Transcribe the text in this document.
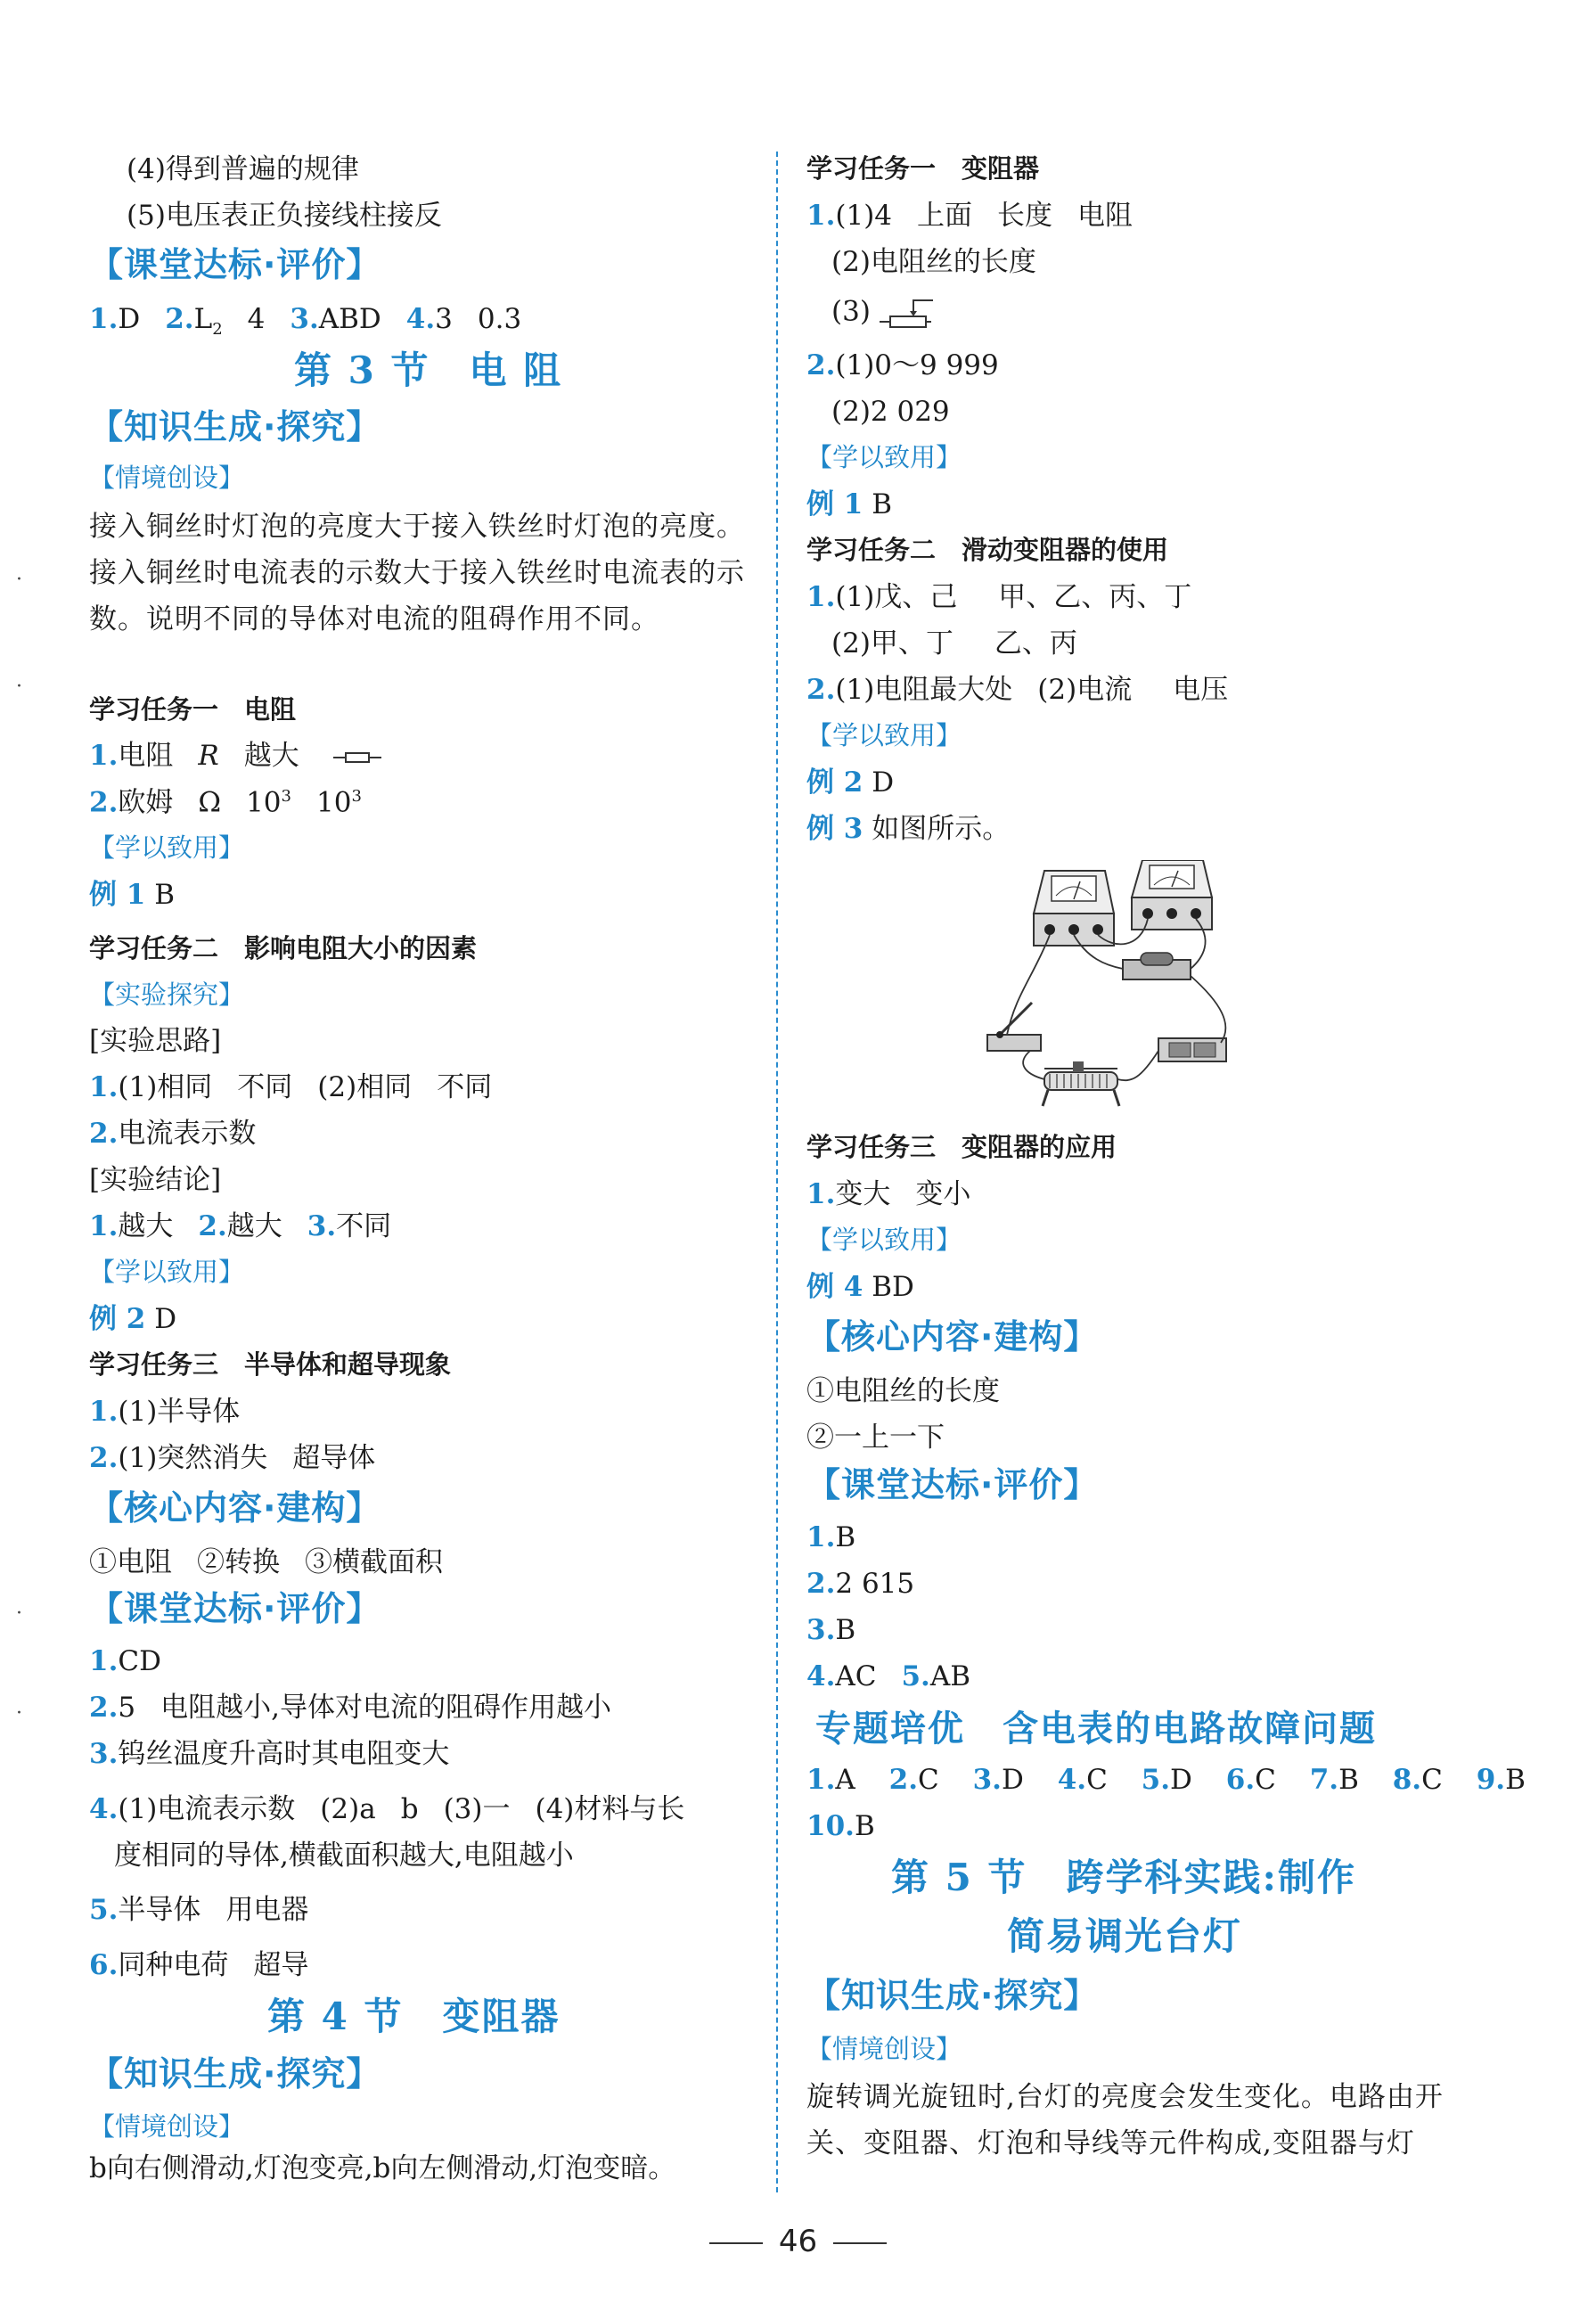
·
·
·
·
(4)得到普遍的规律
(5)电压表正负接线柱接反
【课堂达标·评价】
1.D $2.L_2$ 4 3.ABD 4.3 0.3
第 3 节　电 阻
【知识生成·探究】
【情境创设】
接入铜丝时灯泡的亮度大于接入铁丝时灯泡的亮度。接入铜丝时电流表的示数大于接入铁丝时电流表的示数。说明不同的导体对电流的阻碍作用不同。
学习任务一　电阻
1.电阻 R 越大
2.欧姆 Ω $10^3$ $10^3$
【学以致用】
例 1 B
学习任务二　影响电阻大小的因素
【实验探究】
[实验思路]
1.(1)相同 不同 (2)相同 不同
2.电流表示数
[实验结论]
1.越大 2.越大 3.不同
【学以致用】
例 2 D
学习任务三　半导体和超导现象
1.(1)半导体
2.(1)突然消失 超导体
【核心内容·建构】
①电阻 ②转换 ③横截面积
【课堂达标·评价】
1.CD
2.5 电阻越小,导体对电流的阻碍作用越小
3.钨丝温度升高时其电阻变大
4.(1)电流表示数 (2)a b (3)一 (4)材料与长
度相同的导体,横截面积越大,电阻越小
5.半导体 用电器
6.同种电荷 超导
第 4 节　变阻器
【知识生成·探究】
【情境创设】
b向右侧滑动,灯泡变亮,b向左侧滑动,灯泡变暗。
学习任务一　变阻器
1.(1)4 上面 长度 电阻
(2)电阻丝的长度
(3)
2.(1)0～9 999
(2)2 029
【学以致用】
例 1 B
学习任务二　滑动变阻器的使用
1.(1)戊、己 甲、乙、丙、丁
(2)甲、丁 乙、丙
2.(1)电阻最大处 (2)电流 电压
【学以致用】
例 2 D
例 3 如图所示。
学习任务三　变阻器的应用
1.变大 变小
【学以致用】
例 4 BD
【核心内容·建构】
①电阻丝的长度
②一上一下
【课堂达标·评价】
1.B
2.2 615
3.B
4.AC 5.AB
专题培优　含电表的电路故障问题
1.A 2.C 3.D 4.C 5.D 6.C 7.B 8.C 9.B
10.B
第 5 节　跨学科实践:制作
简易调光台灯
【知识生成·探究】
【情境创设】
旋转调光旋钮时,台灯的亮度会发生变化。电路由开关、变阻器、灯泡和导线等元件构成,变阻器与灯
46
